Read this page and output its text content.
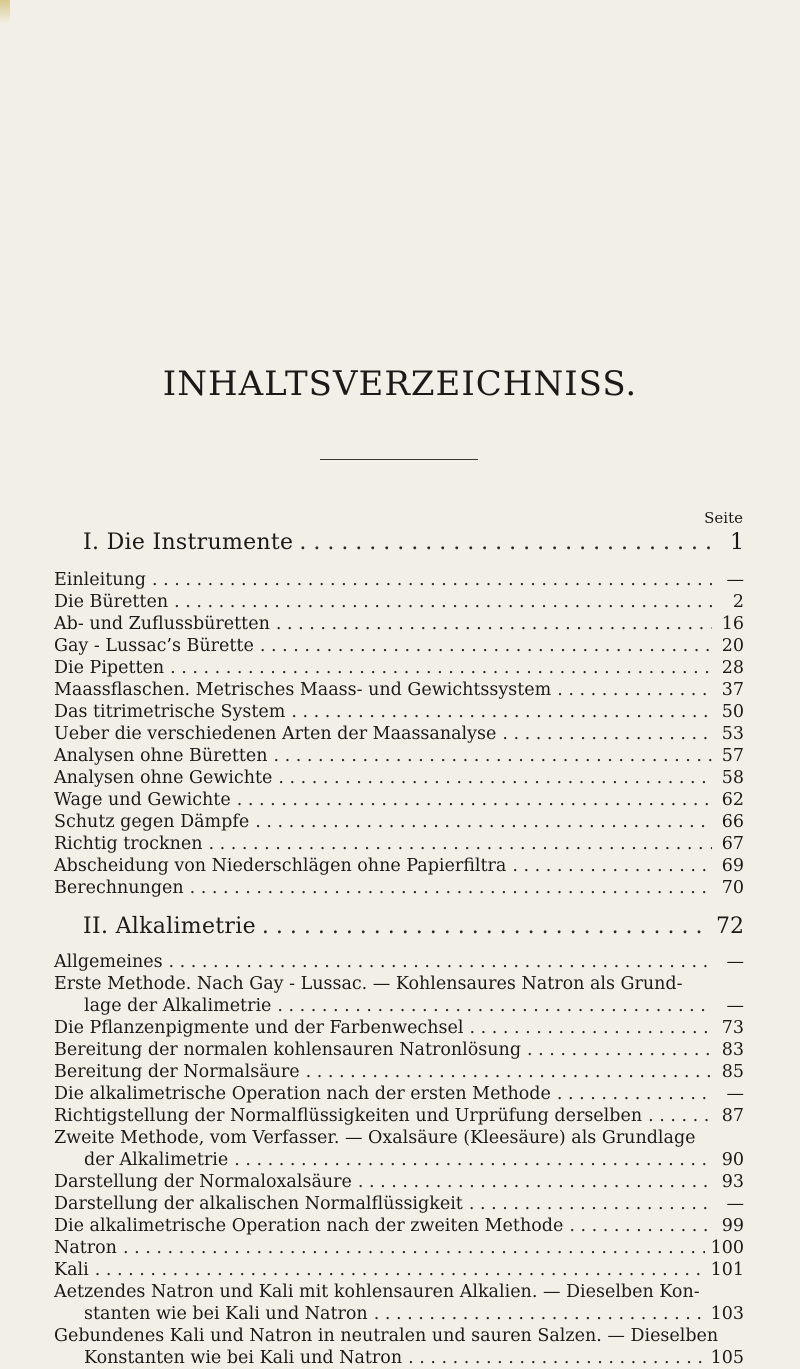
INHALTSVERZEICHNISS.
Seite
I. Die Instrumente . . .	1
Einleitung . . .	—
Die Büretten . . .	2
Ab- und Zuflussbüretten . . .	16
Gay - Lussac’s Bürette . . .	20
Die Pipetten . . .	28
Maassflaschen. Metrisches Maass- und Gewichtssystem . . .	37
Das titrimetrische System . . .	50
Ueber die verschiedenen Arten der Maassanalyse . . .	53
Analysen ohne Büretten . . .	57
Analysen ohne Gewichte . . .	58
Wage und Gewichte . . .	62
Schutz gegen Dämpfe . . .	66
Richtig trocknen . . .	67
Abscheidung von Niederschlägen ohne Papierfiltra . . .	69
Berechnungen . . .	70
II. Alkalimetrie . . .	72
Allgemeines . . .	—
Erste Methode. Nach Gay - Lussac. — Kohlensaures Natron als Grund-
lage der Alkalimetrie . . .	—
Die Pflanzenpigmente und der Farbenwechsel . . .	73
Bereitung der normalen kohlensauren Natronlösung . . .	83
Bereitung der Normalsäure . . .	85
Die alkalimetrische Operation nach der ersten Methode . . .	—
Richtigstellung der Normalflüssigkeiten und Urprüfung derselben . . .	87
Zweite Methode, vom Verfasser. — Oxalsäure (Kleesäure) als Grundlage
der Alkalimetrie . . .	90
Darstellung der Normaloxalsäure . . .	93
Darstellung der alkalischen Normalflüssigkeit . . .	—
Die alkalimetrische Operation nach der zweiten Methode . . .	99
Natron . . .	100
Kali . . .	101
Aetzendes Natron und Kali mit kohlensauren Alkalien. — Dieselben Kon-
stanten wie bei Kali und Natron . . .	103
Gebundenes Kali und Natron in neutralen und sauren Salzen. — Dieselben
Konstanten wie bei Kali und Natron . . .	105
